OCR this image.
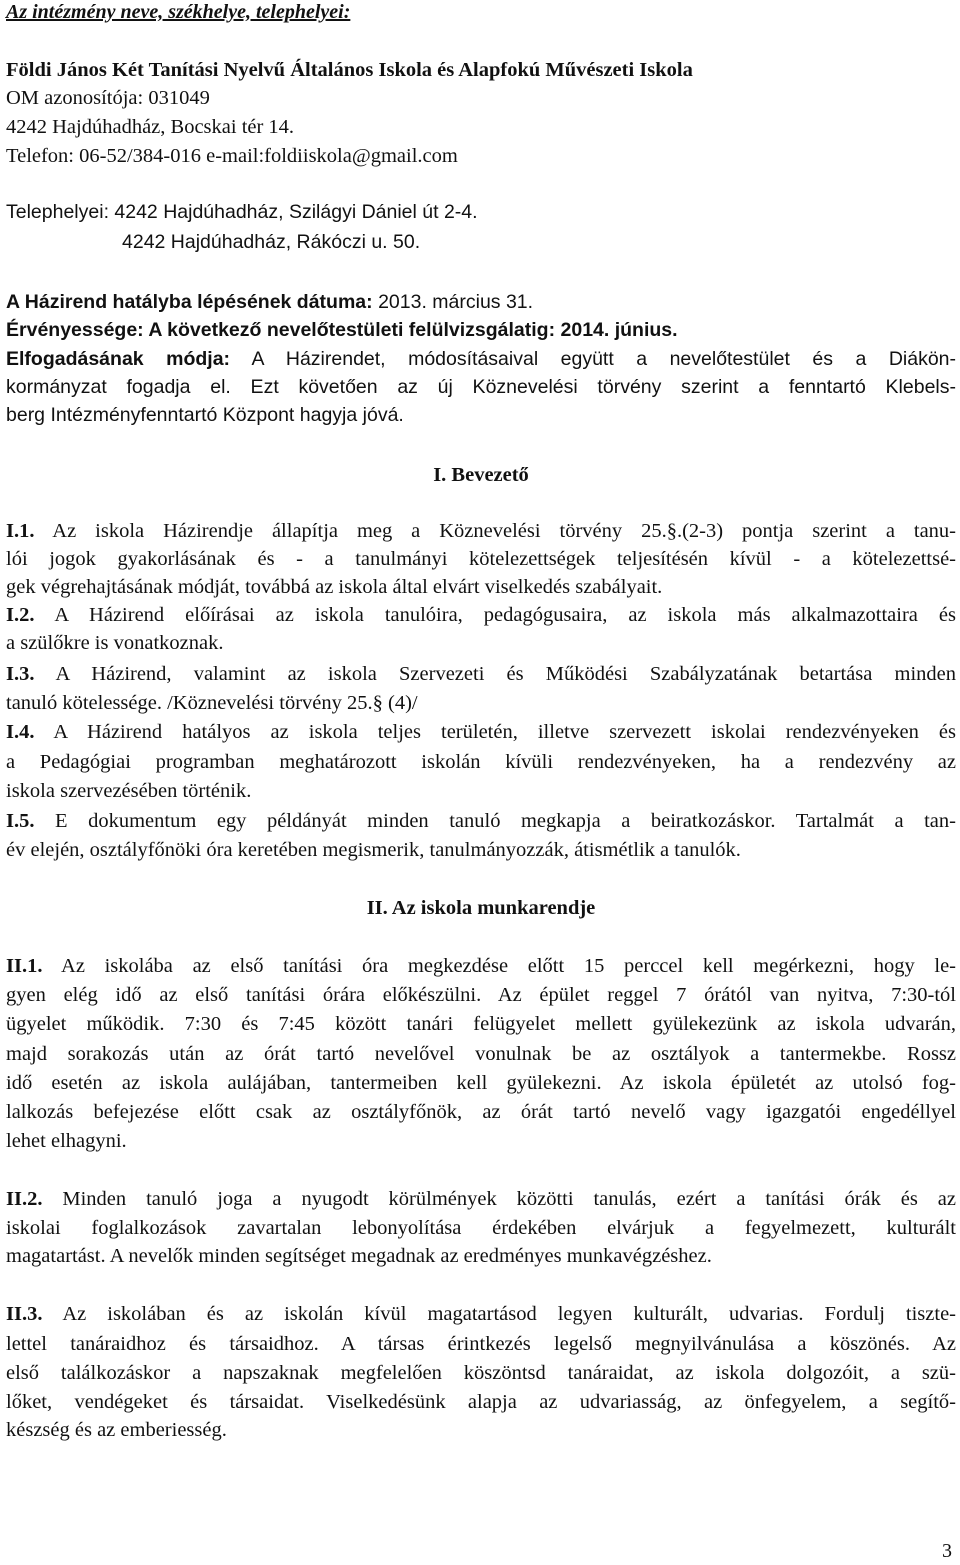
Az intézmény neve, székhelye, telephelyei:
Földi János Két Tanítási Nyelvű Általános Iskola és Alapfokú Művészeti Iskola
OM azonosítója: 031049
4242 Hajdúhadház, Bocskai tér 14.
Telefon: 06-52/384-016 e-mail:foldiiskola@gmail.com
Telephelyei: 4242 Hajdúhadház, Szilágyi Dániel út 2-4.
4242 Hajdúhadház, Rákóczi u. 50.
A Házirend hatályba lépésének dátuma: 2013. március 31.
Érvényessége: A következő nevelőtestületi felülvizsgálatig: 2014. június.
Elfogadásának módja: A Házirendet, módosításaival együtt a nevelőtestület és a Diákön-
kormányzat fogadja el. Ezt követően az új Köznevelési törvény szerint a fenntartó Klebels-
berg Intézményfenntartó Központ hagyja jóvá.
I. Bevezető
I.1. Az iskola Házirendje állapítja meg a Köznevelési törvény 25.§.(2-3) pontja szerint a tanu-
lói jogok gyakorlásának és - a tanulmányi kötelezettségek teljesítésén kívül - a kötelezettsé-
gek végrehajtásának módját, továbbá az iskola által elvárt viselkedés szabályait.
I.2. A Házirend előírásai az iskola tanulóira, pedagógusaira, az iskola más alkalmazottaira és
a szülőkre is vonatkoznak.
I.3. A Házirend, valamint az iskola Szervezeti és Működési Szabályzatának betartása minden
tanuló kötelessége. /Köznevelési törvény 25.§ (4)/
I.4. A Házirend hatályos az iskola teljes területén, illetve szervezett iskolai rendezvényeken és
a Pedagógiai programban meghatározott iskolán kívüli rendezvényeken, ha a rendezvény az
iskola szervezésében történik.
I.5. E dokumentum egy példányát minden tanuló megkapja a beiratkozáskor. Tartalmát a tan-
év elején, osztályfőnöki óra keretében megismerik, tanulmányozzák, átismétlik a tanulók.
II. Az iskola munkarendje
II.1. Az iskolába az első tanítási óra megkezdése előtt 15 perccel kell megérkezni, hogy le-
gyen elég idő az első tanítási órára előkészülni. Az épület reggel 7 órától van nyitva, 7:30-tól
ügyelet működik. 7:30 és 7:45 között tanári felügyelet mellett gyülekezünk az iskola udvarán,
majd sorakozás után az órát tartó nevelővel vonulnak be az osztályok a tantermekbe. Rossz
idő esetén az iskola aulájában, tantermeiben kell gyülekezni. Az iskola épületét az utolsó fog-
lalkozás befejezése előtt csak az osztályfőnök, az órát tartó nevelő vagy igazgatói engedéllyel
lehet elhagyni.
II.2. Minden tanuló joga a nyugodt körülmények közötti tanulás, ezért a tanítási órák és az
iskolai foglalkozások zavartalan lebonyolítása érdekében elvárjuk a fegyelmezett, kulturált
magatartást. A nevelők minden segítséget megadnak az eredményes munkavégzéshez.
II.3. Az iskolában és az iskolán kívül magatartásod legyen kulturált, udvarias. Fordulj tiszte-
lettel tanáraidhoz és társaidhoz. A társas érintkezés legelső megnyilvánulása a köszönés. Az
első találkozáskor a napszaknak megfelelően köszöntsd tanáraidat, az iskola dolgozóit, a szü-
lőket, vendégeket és társaidat. Viselkedésünk alapja az udvariasság, az önfegyelem, a segítő-
készség és az emberiesség.
3
